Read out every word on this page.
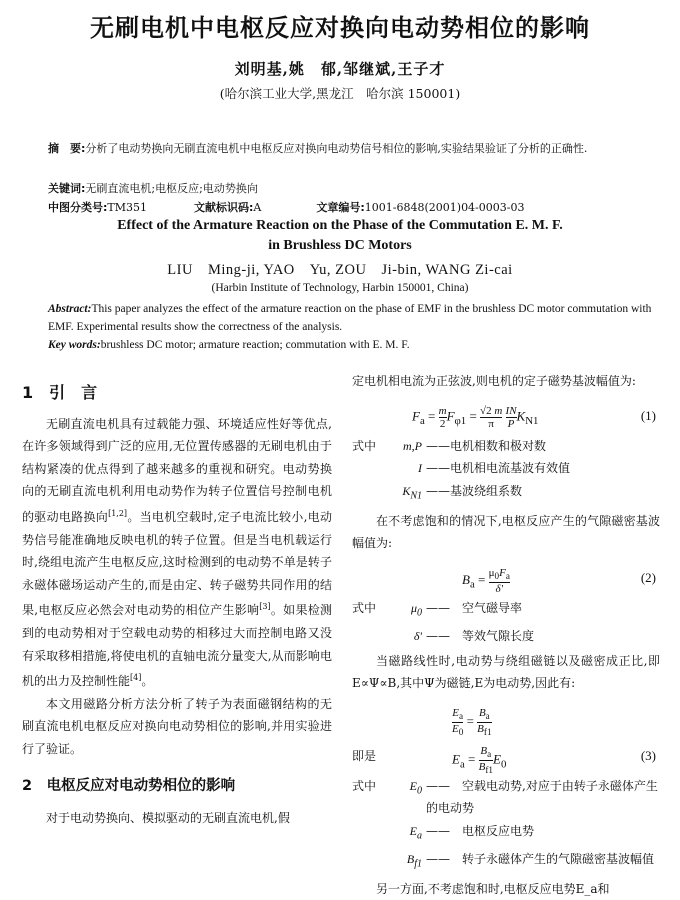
无刷电机中电枢反应对换向电动势相位的影响
刘明基,姚　郁,邹继斌,王子才
(哈尔滨工业大学,黑龙江　哈尔滨 150001)
摘　要:分析了电动势换向无刷直流电机中电枢反应对换向电动势信号相位的影响,实验结果验证了分析的正确性.
关键词:无刷直流电机;电枢反应;电动势换向
中图分类号:TM351	文献标识码:A	文章编号:1001-6848(2001)04-0003-03
Effect of the Armature Reaction on the Phase of the Commutation E. M. F.
in Brushless DC Motors
LIU　Ming-ji, YAO　Yu, ZOU　Ji-bin, WANG Zi-cai
(Harbin Institute of Technology, Harbin 150001, China)
Abstract:This paper analyzes the effect of the armature reaction on the phase of EMF in the brushless DC motor commutation with EMF. Experimental results show the correctness of the analysis.
Key words:brushless DC motor; armature reaction; commutation with E. M. F.
1　引　言

无刷直流电机具有过载能力强、环境适应性好等优点,在许多领域得到广泛的应用,无位置传感器的无刷电机由于结构紧凑的优点得到了越来越多的重视和研究。电动势换向的无刷直流电机利用电动势作为转子位置信号控制电机的驱动电路换向[1,2]。当电机空载时,定子电流比较小,电动势信号能准确地反映电机的转子位置。但是当电机载运行时,绕组电流产生电枢反应,这时检测到的电动势不单是转子永磁体磁场运动产生的,而是由定、转子磁势共同作用的结果,电枢反应必然会对电动势的相位产生影响[3]。如果检测到的电动势相对于空载电动势的相移过大而控制电路又没有采取移相措施,将使电机的直轴电流分量变大,从而影响电机的出力及控制性能[4]。

本文用磁路分析方法分析了转子为表面磁钢结构的无刷直流电机电枢反应对换向电动势相位的影响,并用实验进行了验证。

2　电枢反应对电动势相位的影响

对于电动势换向、模拟驱动的无刷直流电机,假

定电机相电流为正弦波,则电机的定子磁势基波幅值为:

$F_a = \frac{m}{2} F_{\varphi 1} = \frac{√2 m}{\pi}$
$\frac{IN}{P} K_{N1}$	(1)
式中	m,P ——电机相数和极对数
I ——电机相电流基波有效值
$K_{N1}$ ——基波绕组系数

在不考虑饱和的情况下,电枢反应产生的气隙磁密基波幅值为:

$B_a = \frac{\mu_0F_a}{\delta'}$	(2)
式中	$\mu_0$ ——　空气磁导率
δ' ——　等效气隙长度

当磁路线性时,电动势与绕组磁链以及磁密成正比,即E∝Ψ∝B,其中Ψ为磁链,E为电动势,因此有:

$\frac{E_a}{E_0} = \frac{B_a}{B_{f1}}$
即是	$E_a = \frac{B_a}{B_{f1}} E_0$
(3)
式中	$E_0$ ——　空载电动势,对应于由转子永磁体产生的电动势
$E_a$ ——　电枢反应电势
$B_{f1}$ ——　转子永磁体产生的气隙磁密基波幅值

另一方面,不考虑饱和时,电枢反应电势E_a和
